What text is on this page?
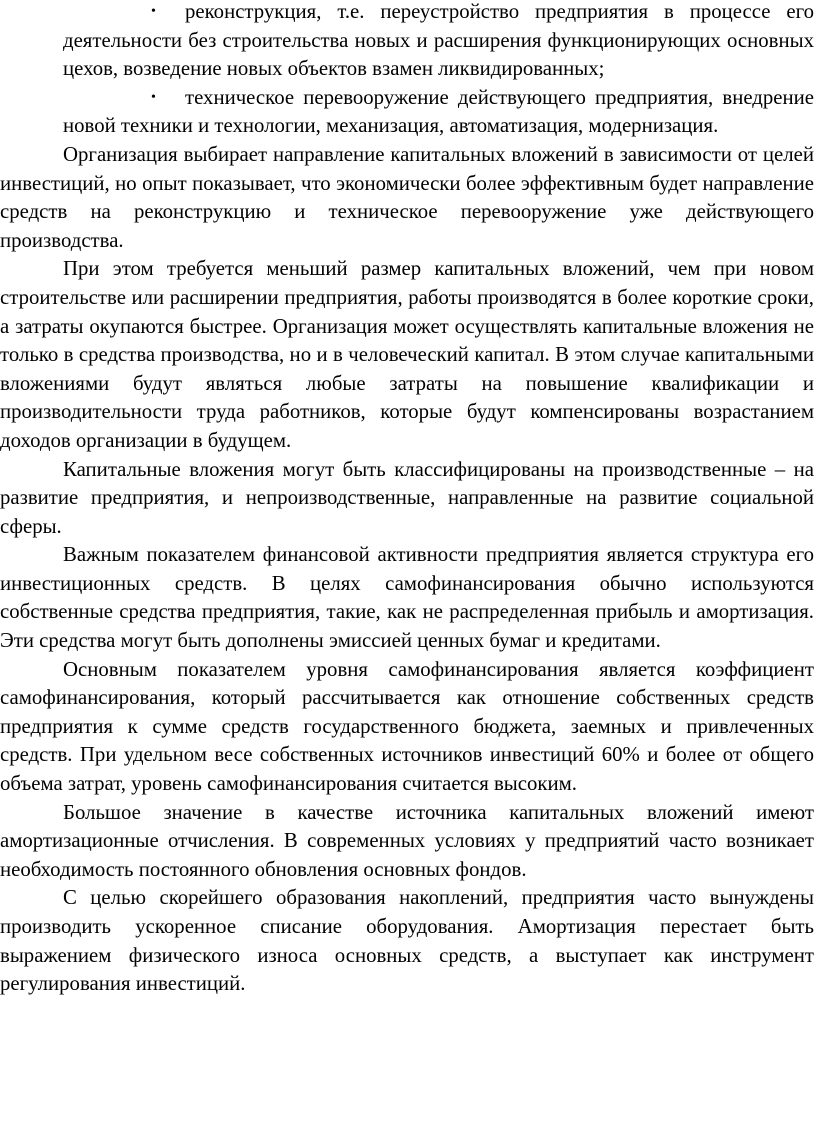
• реконструкция, т.е. переустройство предприятия в процессе его деятельности без строительства новых и расширения функционирующих основных цехов, возведение новых объектов взамен ликвидированных;
• техническое перевооружение действующего предприятия, внедрение новой техники и технологии, механизация, автоматизация, модернизация.

Организация выбирает направление капитальных вложений в зависимости от целей инвестиций, но опыт показывает, что экономически более эффективным будет направление средств на реконструкцию и техническое перевооружение уже действующего производства.

При этом требуется меньший размер капитальных вложений, чем при новом строительстве или расширении предприятия, работы производятся в более короткие сроки, а затраты окупаются быстрее. Организация может осуществлять капитальные вложения не только в средства производства, но и в человеческий капитал. В этом случае капитальными вложениями будут являться любые затраты на повышение квалификации и производительности труда работников, которые будут компенсированы возрастанием доходов организации в будущем.

Капитальные вложения могут быть классифицированы на производственные – на развитие предприятия, и непроизводственные, направленные на развитие социальной сферы.

Важным показателем финансовой активности предприятия является структура его инвестиционных средств. В целях самофинансирования обычно используются собственные средства предприятия, такие, как не распределенная прибыль и амортизация. Эти средства могут быть дополнены эмиссией ценных бумаг и кредитами.

Основным показателем уровня самофинансирования является коэффициент самофинансирования, который рассчитывается как отношение собственных средств предприятия к сумме средств государственного бюджета, заемных и привлеченных средств. При удельном весе собственных источников инвестиций 60% и более от общего объема затрат, уровень самофинансирования считается высоким.

Большое значение в качестве источника капитальных вложений имеют амортизационные отчисления. В современных условиях у предприятий часто возникает необходимость постоянного обновления основных фондов.

С целью скорейшего образования накоплений, предприятия часто вынуждены производить ускоренное списание оборудования. Амортизация перестает быть выражением физического износа основных средств, а выступает как инструмент регулирования инвестиций.
